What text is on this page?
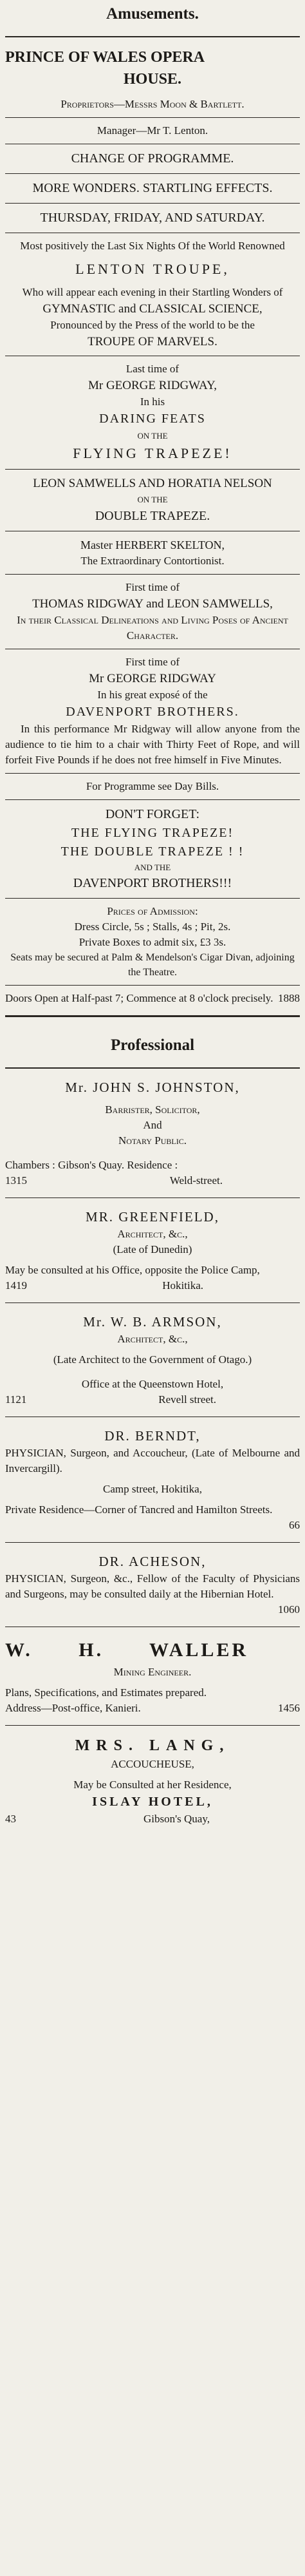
Amusements.
PRINCE OF WALES OPERA
HOUSE.
Proprietors—Messrs Moon & Bartlett.
Manager—Mr T. Lenton.
CHANGE OF PROGRAMME.
MORE WONDERS. STARTLING EFFECTS.
THURSDAY, FRIDAY, AND SATURDAY.
Most positively the Last Six Nights Of the World Renowned
LENTON TROUPE,
Who will appear each evening in their Startling Wonders of
GYMNASTIC and CLASSICAL SCIENCE,
Pronounced by the Press of the world to be the
TROUPE OF MARVELS.
Last time of
Mr GEORGE RIDGWAY,
In his
DARING FEATS
ON THE
FLYING TRAPEZE!
LEON SAMWELLS AND HORATIA NELSON
ON THE
DOUBLE TRAPEZE.
Master HERBERT SKELTON,
The Extraordinary Contortionist.
First time of
THOMAS RIDGWAY and LEON SAMWELLS,
In their Classical Delineations and Living Poses of Ancient Character.
First time of
Mr GEORGE RIDGWAY
In his great exposé of the
DAVENPORT BROTHERS.
In this performance Mr Ridgway will allow anyone from the audience to tie him to a chair with Thirty Feet of Rope, and will forfeit Five Pounds if he does not free himself in Five Minutes.
For Programme see Day Bills.
DON'T FORGET:
THE FLYING TRAPEZE!
THE DOUBLE TRAPEZE ! !
AND THE
DAVENPORT BROTHERS!!!
Prices of Admission:
Dress Circle, 5s ; Stalls, 4s ; Pit, 2s.
Private Boxes to admit six, £3 3s.
Seats may be secured at Palm & Mendelson's Cigar Divan, adjoining the Theatre.
Doors Open at Half-past 7; Commence at 8 o'clock precisely. 1888
Professional
Mr. JOHN S. JOHNSTON,
Barrister, Solicitor,
And
Notary Public.
Chambers : Gibson's Quay. Residence :
1315	Weld-street.
MR. GREENFIELD,
Architect, &c.,
(Late of Dunedin)
May be consulted at his Office, opposite the Police Camp,
1419	Hokitika.
Mr. W. B. ARMSON,
Architect, &c.,
(Late Architect to the Government of Otago.)
Office at the Queenstown Hotel,
1121	Revell street.
DR. BERNDT,
PHYSICIAN, Surgeon, and Accoucheur, (Late of Melbourne and Invercargill).
Camp street, Hokitika,
Private Residence—Corner of Tancred and Hamilton Streets.
66
DR. ACHESON,
PHYSICIAN, Surgeon, &c., Fellow of the Faculty of Physicians and Surgeons, may be consulted daily at the Hibernian Hotel.
1060
W. H. WALLER
Mining Engineer.
Plans, Specifications, and Estimates prepared.
Address—Post-office, Kanieri.	1456
MRS. LANG,
ACCOUCHEUSE,
May be Consulted at her Residence,
ISLAY HOTEL,
43	Gibson's Quay,
